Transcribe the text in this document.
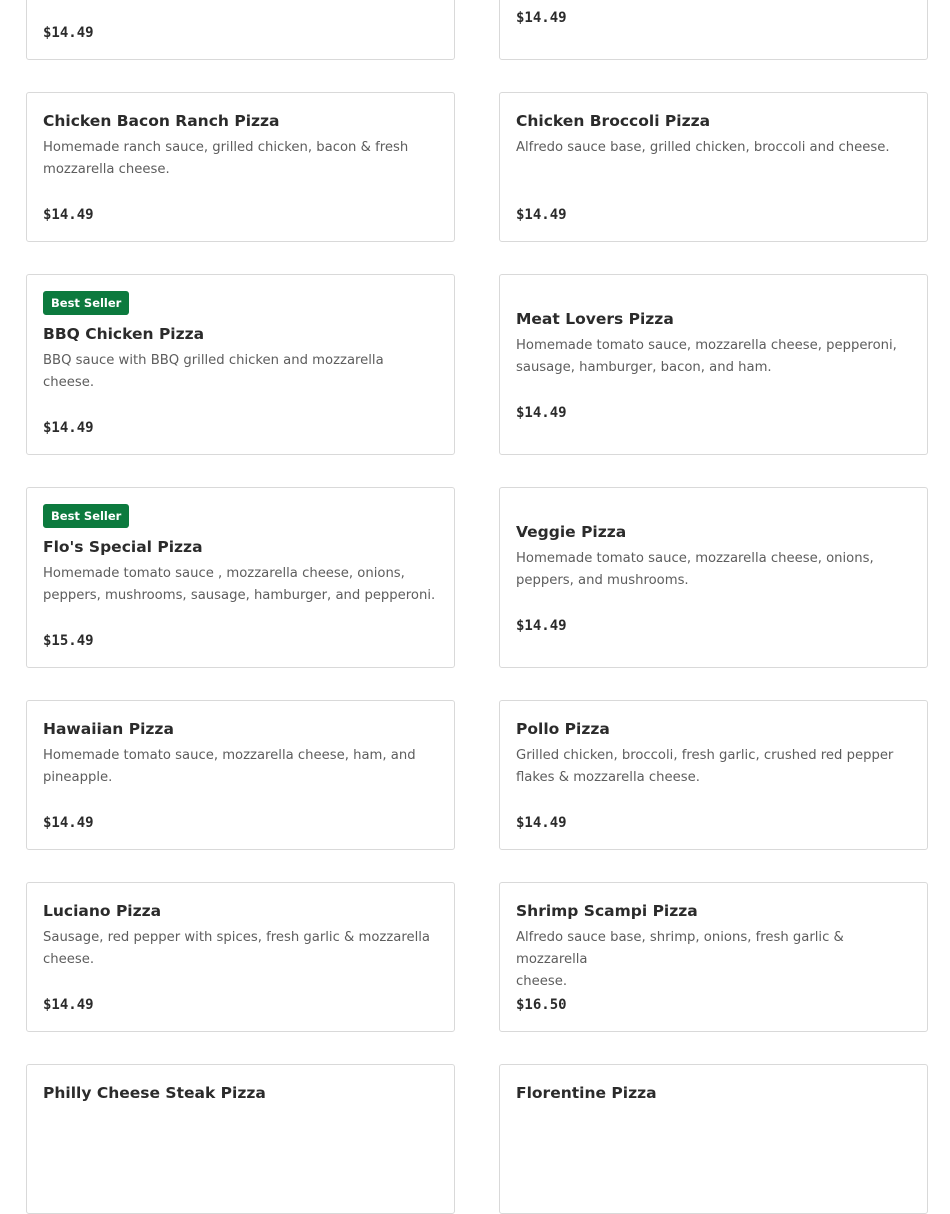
$14.49
$14.49
Chicken Bacon Ranch Pizza

Homemade ranch sauce, grilled chicken, bacon & fresh
mozzarella cheese.

$14.49
Chicken Broccoli Pizza

Alfredo sauce base, grilled chicken, broccoli and cheese.

$14.49
Best Seller
BBQ Chicken Pizza

BBQ sauce with BBQ grilled chicken and mozzarella cheese.

$14.49
Meat Lovers Pizza

Homemade tomato sauce, mozzarella cheese, pepperoni,
sausage, hamburger, bacon, and ham.

$14.49
Best Seller
Flo's Special Pizza

Homemade tomato sauce , mozzarella cheese, onions,
peppers, mushrooms, sausage, hamburger, and pepperoni.

$15.49
Veggie Pizza

Homemade tomato sauce, mozzarella cheese, onions,
peppers, and mushrooms.

$14.49
Hawaiian Pizza

Homemade tomato sauce, mozzarella cheese, ham, and
pineapple.

$14.49
Pollo Pizza

Grilled chicken, broccoli, fresh garlic, crushed red pepper
flakes & mozzarella cheese.

$14.49
Luciano Pizza

Sausage, red pepper with spices, fresh garlic & mozzarella
cheese.

$14.49
Shrimp Scampi Pizza

Alfredo sauce base, shrimp, onions, fresh garlic & mozzarella
cheese.

$16.50
Philly Cheese Steak Pizza	Florentine Pizza
